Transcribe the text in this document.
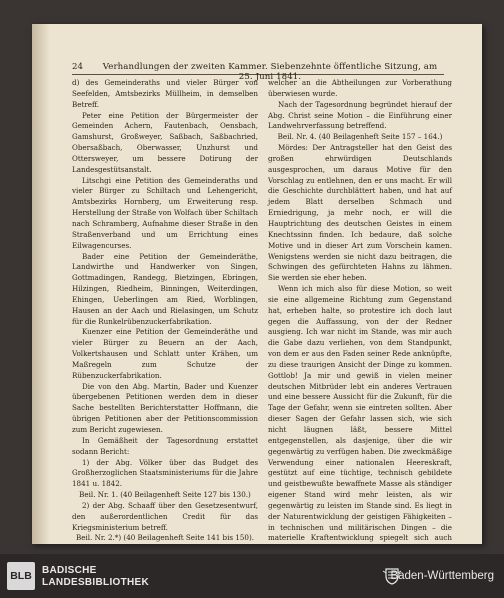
24	Verhandlungen der zweiten Kammer. Siebenzehnte öffentliche Sitzung, am 25. Juni 1841.

d) des Gemeinderaths und vieler Bürger von Seefelden, Amtsbezirks Müllheim, in demselben Betreff.

Peter eine Petition der Bürgermeister der Gemeinden Achern, Fautenbach, Oensbach, Gamshurst, Großweyer, Saßbach, Saßbachried, Obersaßbach, Oberwasser, Unzhurst und Ottersweyer, um bessere Dotirung der Landesgestütsanstalt.

Litschgi eine Petition des Gemeinderaths und vieler Bürger zu Schiltach und Lehengericht, Amtsbezirks Hornberg, um Erweiterung resp. Herstellung der Straße von Wolfach über Schiltach nach Schramberg, Aufnahme dieser Straße in den Straßenverband und um Errichtung eines Eilwagencurses.

Bader eine Petition der Gemeinderäthe, Landwirthe und Handwerker von Singen, Gottmadingen, Randegg, Bietzingen, Ebringen, Hilzingen, Riedheim, Binningen, Weiterdingen, Ehingen, Ueberlingen am Ried, Worblingen, Hausen an der Aach und Rielasingen, um Schutz für die Runkelrübenzuckerfabrikation.

Kuenzer eine Petition der Gemeinderäthe und vieler Bürger zu Beuern an der Aach, Volkertshausen und Schlatt unter Krähen, um Maßregeln zum Schutze der Rübenzuckerfabrikation.

Die von den Abg. Martin, Bader und Kuenzer übergebenen Petitionen werden dem in dieser Sache bestellten Berichterstatter Hoffmann, die übrigen Petitionen aber der Petitionscommission zum Bericht zugewiesen.

In Gemäßheit der Tagesordnung erstattet sodann Bericht:

1) der Abg. Völker über das Budget des Großherzoglichen Staatsministeriums für die Jahre 1841 u. 1842.

Beil. Nr. 1. (40 Beilagenheft Seite 127 bis 130.)

2) der Abg. Schaaff über den Gesetzesentwurf, den außerordentlichen Credit für das Kriegsministerium betreff.

Beil. Nr. 2.*) (40 Beilagenheft Seite 141 bis 150).

welcher an die Abtheilungen zur Vorberathung überwiesen wurde.

Nach der Tagesordnung begründet hierauf der Abg. Christ seine Motion – die Einführung einer Landwehrverfassung betreffend.

Beil. Nr. 4. (40 Beilagenheft Seite 157 – 164.)

Mördes: Der Antragsteller hat den Geist des großen ehrwürdigen Deutschlands ausgesprochen, um daraus Motive für den Vorschlag zu entlehnen, den er uns macht. Er will die Geschichte durchblättert haben, und hat auf jedem Blatt derselben Schmach und Erniedrigung, ja mehr noch, er will die Hauptrichtung des deutschen Geistes in einem Knechtssinn finden. Ich bedaure, daß solche Motive und in dieser Art zum Vorschein kamen. Wenigstens werden sie nicht dazu beitragen, die Schwingen des gefürchteten Hahns zu lähmen. Sie werden sie eher heben.

Wenn ich mich also für diese Motion, so weit sie eine allgemeine Richtung zum Gegenstand hat, erheben halte, so protestire ich doch laut gegen die Auffassung, von der der Redner ausgieng. Ich war nicht im Stande, was mir auch die Gabe dazu verliehen, von dem Standpunkt, von dem er aus den Faden seiner Rede anknüpfte, zu diese traurigen Ansicht der Dinge zu kommen. Gottlob! Ja mir und gewiß in vielen meiner deutschen Mitbrüder lebt ein anderes Vertrauen und eine bessere Aussicht für die Zukunft, für die Tage der Gefahr, wenn sie eintreten sollten. Aber dieser Sagen der Gefahr lassen sich, wie sich nicht läugnen läßt, bessere Mittel entgegenstellen, als dasjenige, über die wir gegenwärtig zu verfügen haben. Die zweckmäßige Verwendung einer nationalen Heereskraft, gestützt auf eine tüchtige, technisch gebildete und geistbewußte bewaffnete Masse als ständiger eigener Stand wird mehr leisten, als wir gegenwärtig zu leisten im Stande sind. Es liegt in der Naturentwicklung der geistigen Fähigkeiten – in technischen und militärischen Dingen – die materielle Kraftentwicklung spiegelt sich auch

BLB	BADISCHE
LANDESBIBLIOTHEK
Baden-Württemberg
